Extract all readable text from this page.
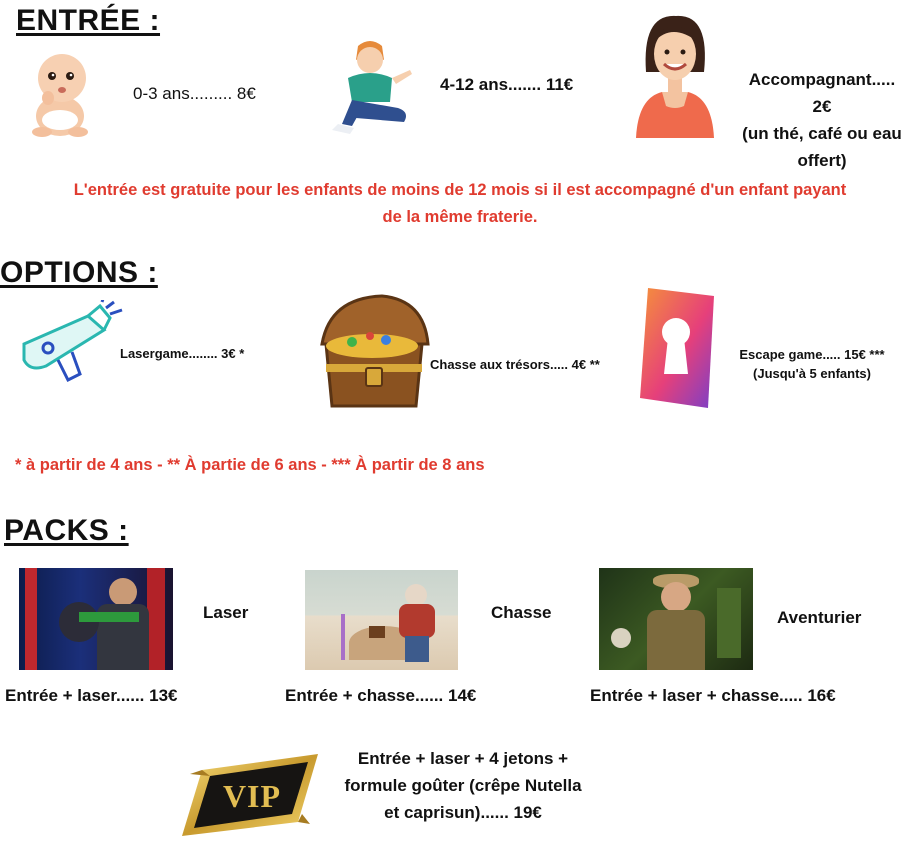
ENTRÉE :
0-3 ans......... 8€	4-12 ans....... 11€	Accompagnant.....
2€
(un thé, café ou eau
offert)
L'entrée est gratuite pour les enfants de moins de 12 mois si il est accompagné d'un enfant payant
de la même fraterie.
OPTIONS :
Lasergame........ 3€ *
Chasse aux trésors..... 4€ **
Escape game..... 15€ ***
(Jusqu'à 5 enfants)
* à partir de 4 ans - ** À partie de 6 ans - *** À partir de 8 ans
PACKS :
Laser
Entrée + laser...... 13€
Chasse
Entrée + chasse...... 14€
Aventurier
Entrée + laser + chasse..... 16€
VIP
Entrée + laser + 4 jetons +
formule goûter (crêpe Nutella
et caprisun)...... 19€
